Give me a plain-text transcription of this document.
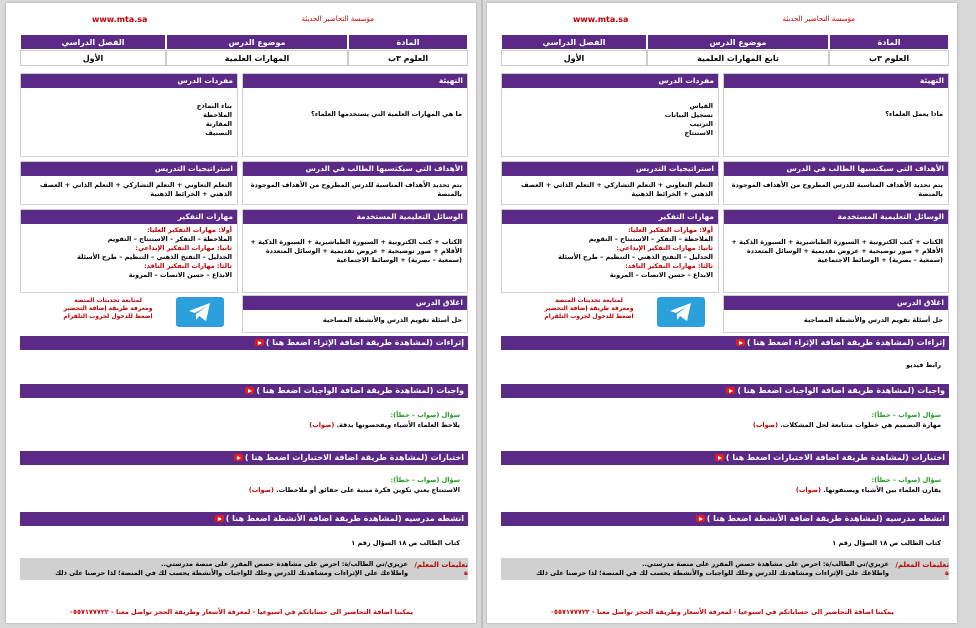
www.mta.sa	مؤسسة التحاضير الحديثة
المادة
موضوع الدرس
الفصل الدراسي
العلوم ٣ب
المهارات العلمية
الأول
التهيئة
ما هي المهارات العلمية التي يستخدمها العلماء؟
مفردات الدرس
بناء النماذج
الملاحظة
المقارنة
التصنيف
الأهداف التي سيكتسبها الطالب في الدرس
يتم تحديد الأهداف المناسبة للدرس المطروح من الأهداف الموجودة بالمنصة
استراتيجيات التدريس
التعلم التعاوني + التعلم التشاركي + التعلم الذاتي + العصف الذهني + الخرائط الذهنية
الوسائل التعليمية المستخدمة
الكتاب + كتب الكترونية + السبورة الطباشيرية + السبورة الذكية + الأقلام + صور توضيحية + عروض تقديمية + الوسائل المتعددة (سمعية – بصرية) + الوسائط الاجتماعية
مهارات التفكير
أولا: مهارات التفكير العليا:
الملاحظة – التفكر – الاستنتاج – التقويم
ثانيا: مهارات التفكير الإبداعي:
الجدليل – التفتح الذهني – التنظيم – طرح الأسئلة
ثالثا: مهارات التفكير الناقد:
الابداع – حسن الانصات – المرونة
اغلاق الدرس
حل أسئلة تقويم الدرس والأنشطة المصاحبة
لمتابعة تحديثات المنصة
ومعرفة طريقة إضافة التحضير
اضغط للدخول لجروب التلقرام
إثراءات (لمشاهدة طريقة اضافة الإثراء اضغط هنا )
واجبات (لمشاهدة طريقة اضافة الواجبات اضغط هنا )
سؤال (صواب – خطأ):
يلاحظ العلماء الأشياء ويفحصونها بدقة. (صواب)
اختبارات (لمشاهدة طريقة اضافة الاختبارات اضغط هنا )
سؤال (صواب – خطأ):
الاستنتاج يعني تكوين فكرة مبنية على حقائق أو ملاحظات. (صواب)
انشطه مدرسيه (لمشاهدة طريقة اضافة الأنشطة اضغط هنا )
كتاب الطالب ص ١٨ السؤال رقم ١
تعليمات المعلم/ة
عزيزي/تي الطالب/ة: احرص على مشاهدة حصص المقرر على منصة مدرستي..
واطلاعك على الإثراءات ومشاهدتك للدرس وحلك للواجبات والأنشطة يحسب لك في المنصة؛ لذا حرصنا على ذلك
يمكننا اضافة التحاضير الى حساباتكم في اسبوعيا - لمعرفة الأسعار وطريقة الحجز تواصل معنا - ٠٥٥٧١٧٧٧٢٢
www.mta.sa	مؤسسة التحاضير الحديثة
المادة
موضوع الدرس
الفصل الدراسي
العلوم ٣ب
تابع المهارات العلمية
الأول
التهيئة
ماذا يعمل العلماء؟
مفردات الدرس
القياس
تسجيل البيانات
الترتيب
الاستنتاج
الأهداف التي سيكتسبها الطالب في الدرس
يتم تحديد الأهداف المناسبة للدرس المطروح من الأهداف الموجودة بالمنصة
استراتيجيات التدريس
التعلم التعاوني + التعلم التشاركي + التعلم الذاتي + العصف الذهني + الخرائط الذهنية
الوسائل التعليمية المستخدمة
الكتاب + كتب الكترونية + السبورة الطباشيرية + السبورة الذكية + الأقلام + صور توضيحية + عروض تقديمية + الوسائل المتعددة (سمعية – بصرية) + الوسائط الاجتماعية
مهارات التفكير
أولا: مهارات التفكير العليا:
الملاحظة – التفكر – الاستنتاج – التقويم
ثانيا: مهارات التفكير الإبداعي:
الجدليل – التفتح الذهني – التنظيم – طرح الأسئلة
ثالثا: مهارات التفكير الناقد:
الابداع – حسن الانصات – المرونة
اغلاق الدرس
حل أسئلة تقويم الدرس والأنشطة المصاحبة
لمتابعة تحديثات المنصة
ومعرفة طريقة إضافة التحضير
اضغط للدخول لجروب التلقرام
إثراءات (لمشاهدة طريقة اضافة الإثراء اضغط هنا )
رابط فيديو
واجبات (لمشاهدة طريقة اضافة الواجبات اضغط هنا )
سؤال (صواب – خطأ):
مهارة التصميم هي خطوات متتابعة لحل المشكلات. (صواب)
اختبارات (لمشاهدة طريقة اضافة الاختبارات اضغط هنا )
سؤال (صواب – خطأ):
يقارن العلماء بين الأشياء ويصنفونها. (صواب)
انشطه مدرسيه (لمشاهدة طريقة اضافة الأنشطة اضغط هنا )
كتاب الطالب ص ١٨ السؤال رقم ١
تعليمات المعلم/ة
عزيزي/تي الطالب/ة: احرص على مشاهدة حصص المقرر على منصة مدرستي..
واطلاعك على الإثراءات ومشاهدتك للدرس وحلك للواجبات والأنشطة يحسب لك في المنصة؛ لذا حرصنا على ذلك
يمكننا اضافة التحاضير الى حساباتكم في اسبوعيا - لمعرفة الأسعار وطريقة الحجز تواصل معنا - ٠٥٥٧١٧٧٧٢٢
